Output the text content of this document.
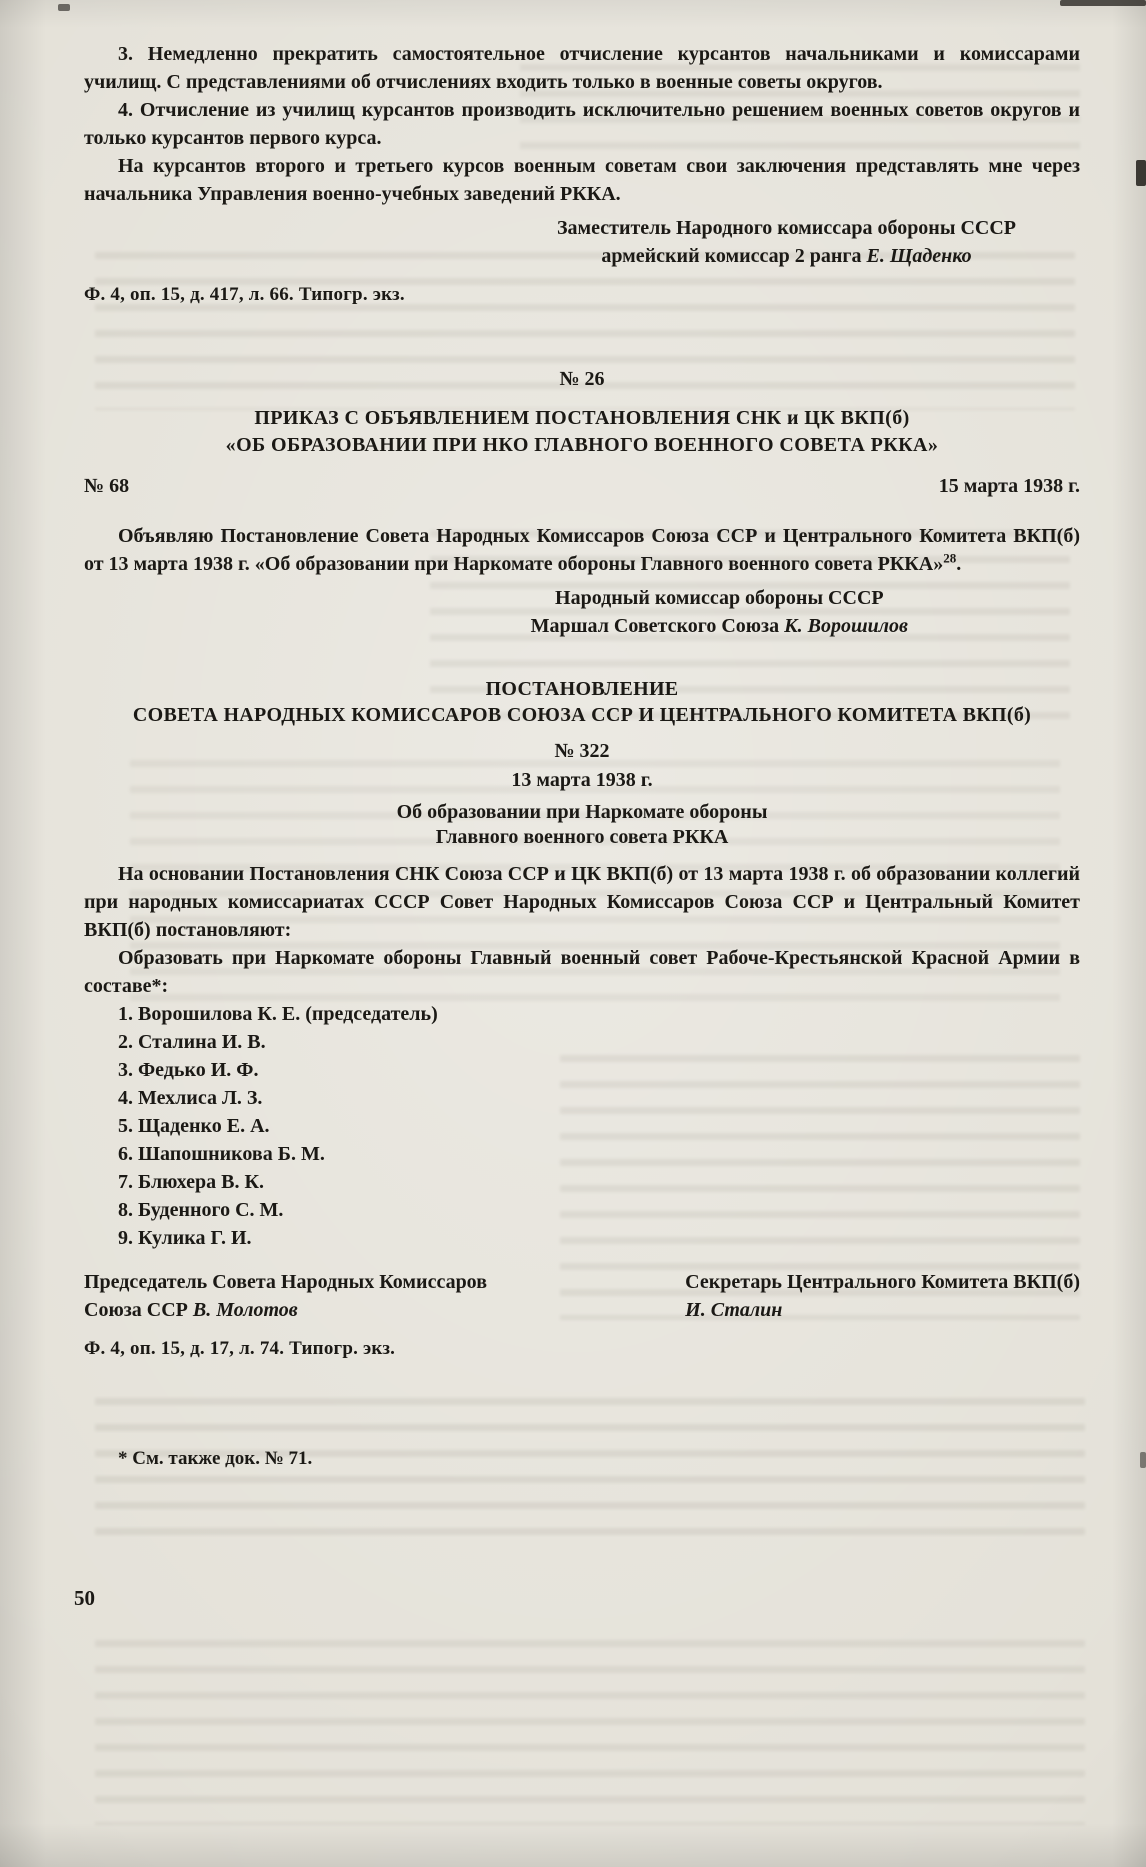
3. Немедленно прекратить самостоятельное отчисление курсантов начальниками и комиссарами училищ. С представлениями об отчислениях входить только в военные советы округов.

4. Отчисление из училищ курсантов производить исключительно решением военных советов округов и только курсантов первого курса.

На курсантов второго и третьего курсов военным советам свои заключения представлять мне через начальника Управления военно-учебных заведений РККА.

Заместитель Народного комиссара обороны СССР
армейский комиссар 2 ранга Е. Щаденко

Ф. 4, оп. 15, д. 417, л. 66. Типогр. экз.

№ 26
ПРИКАЗ С ОБЪЯВЛЕНИЕМ ПОСТАНОВЛЕНИЯ СНК и ЦК ВКП(б)
«ОБ ОБРАЗОВАНИИ ПРИ НКО ГЛАВНОГО ВОЕННОГО СОВЕТА РККА»
№ 68	15 марта 1938 г.

Объявляю Постановление Совета Народных Комиссаров Союза ССР и Центрального Комитета ВКП(б) от 13 марта 1938 г. «Об образовании при Наркомате обороны Главного военного совета РККА»$^{28}$.

Народный комиссар обороны СССР
Маршал Советского Союза К. Ворошилов
ПОСТАНОВЛЕНИЕ
СОВЕТА НАРОДНЫХ КОМИССАРОВ СОЮЗА ССР И ЦЕНТРАЛЬНОГО КОМИТЕТА ВКП(б)
№ 322
13 марта 1938 г.
Об образовании при Наркомате обороны
Главного военного совета РККА

На основании Постановления СНК Союза ССР и ЦК ВКП(б) от 13 марта 1938 г. об образовании коллегий при народных комиссариатах СССР Совет Народных Комиссаров Союза ССР и Центральный Комитет ВКП(б) постановляют:

Образовать при Наркомате обороны Главный военный совет Рабоче-Крестьянской Красной Армии в составе*:

1. Ворошилова К. Е. (председатель)
2. Сталина И. В.
3. Федько И. Ф.
4. Мехлиса Л. З.
5. Щаденко Е. А.
6. Шапошникова Б. М.
7. Блюхера В. К.
8. Буденного С. М.
9. Кулика Г. И.
Председатель Совета Народных Комиссаров
Союза ССР В. Молотов
Секретарь Центрального Комитета ВКП(б)
И. Сталин

Ф. 4, оп. 15, д. 17, л. 74. Типогр. экз.

* См. также док. № 71.

50
